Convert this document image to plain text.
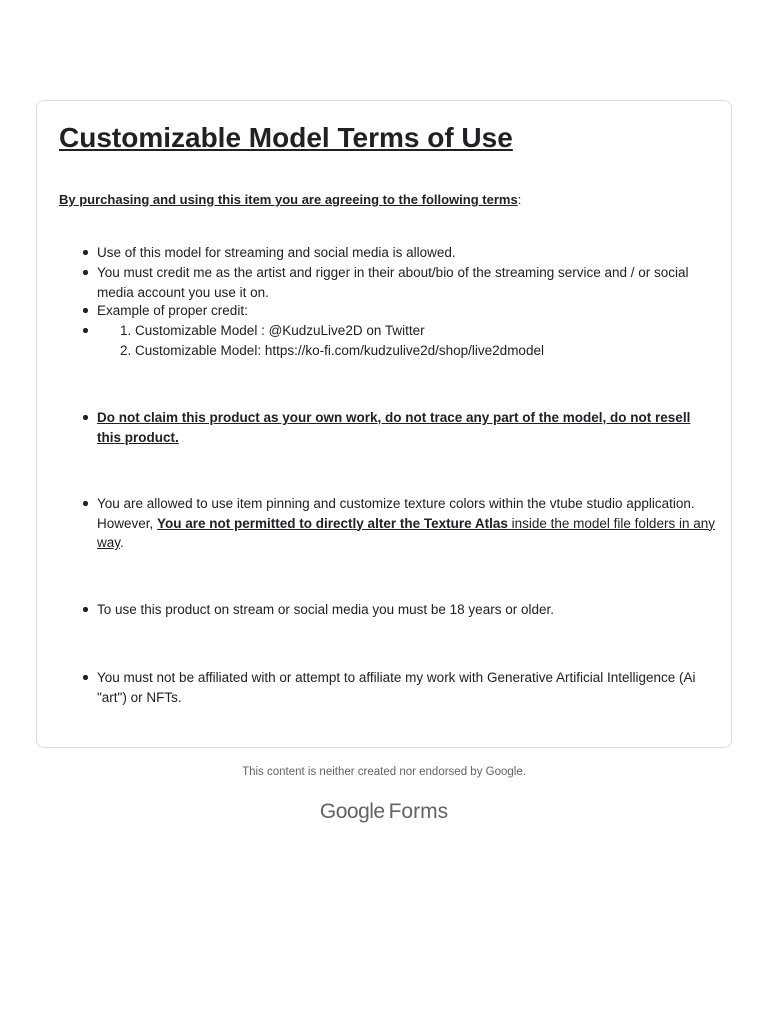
Customizable Model Terms of Use

By purchasing and using this item you are agreeing to the following terms:

Use of this model for streaming and social media is allowed.
You must credit me as the artist and rigger in their about/bio of the streaming service and / or social media account you use it on.
Example of proper credit:
Do not claim this product as your own work, do not trace any part of the model, do not resell this product.
You are allowed to use item pinning and customize texture colors within the vtube studio application. However, You are not permitted to directly alter the Texture Atlas inside the model file folders in any way.
To use this product on stream or social media you must be 18 years or older.
You must not be affiliated with or attempt to affiliate my work with Generative Artificial Intelligence (Ai "art") or NFTs.
1. Customizable Model : @KudzuLive2D on Twitter
2. Customizable Model: https://ko-fi.com/kudzulive2d/shop/live2dmodel
This content is neither created nor endorsed by Google.
Google Forms
